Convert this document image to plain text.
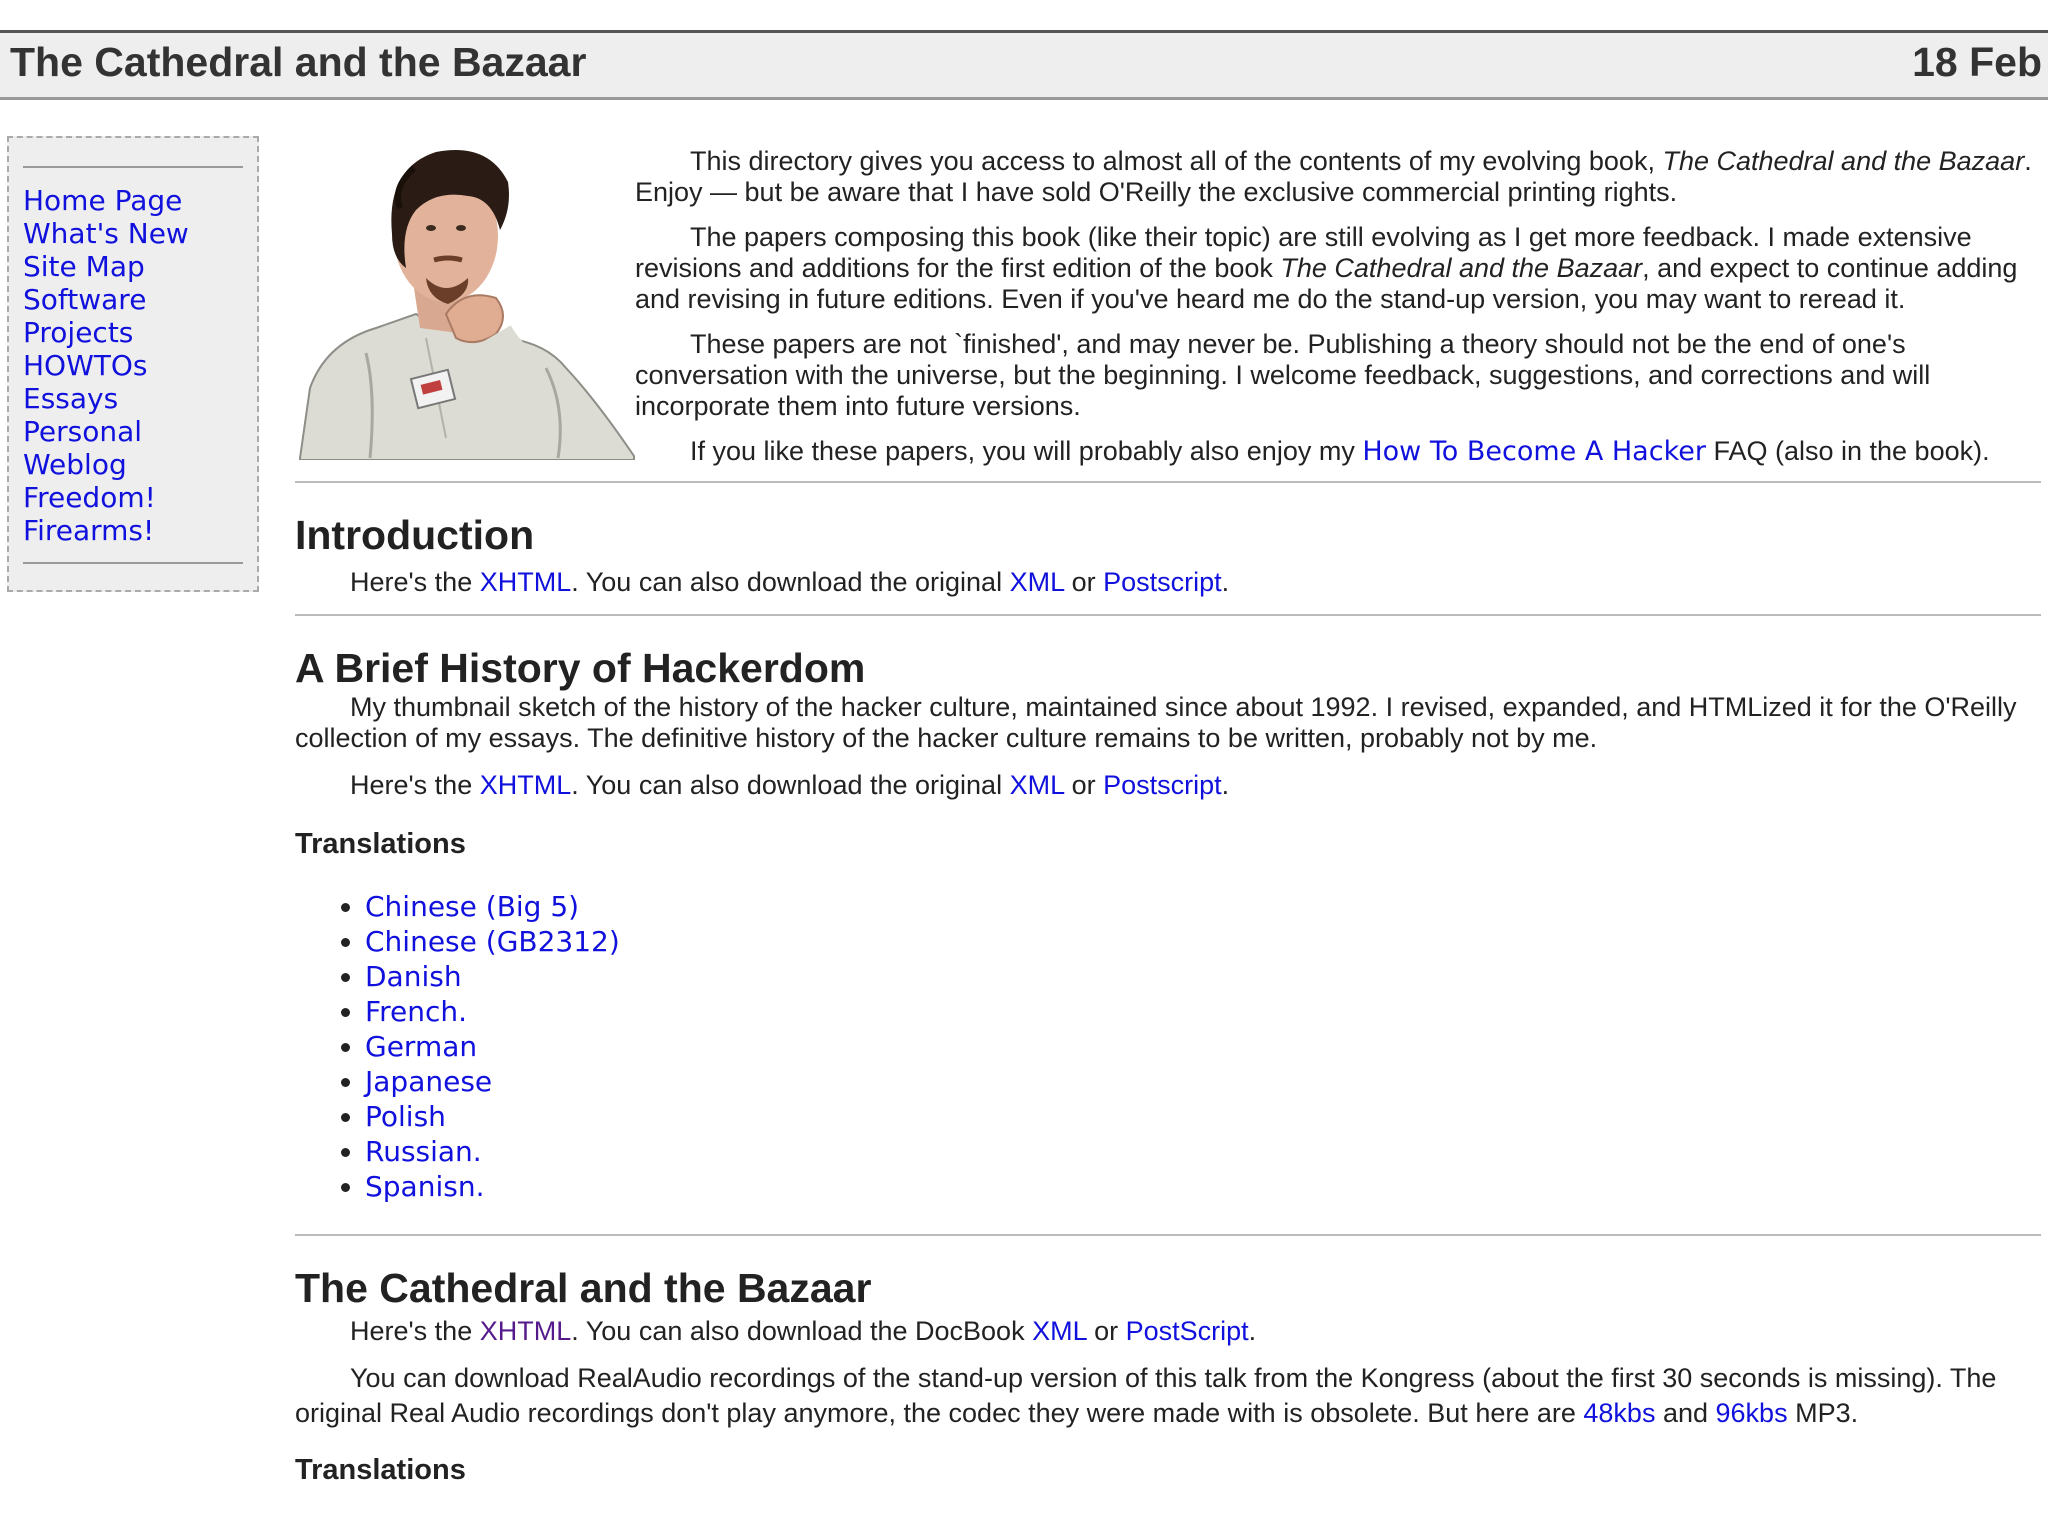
The Cathedral and the Bazaar	18 Feb
Home Page
What's New
Site Map
Software
Projects
HOWTOs
Essays
Personal
Weblog
Freedom!
Firearms!

This directory gives you access to almost all of the contents of my evolving book, The Cathedral and the Bazaar. Enjoy — but be aware that I have sold O'Reilly the exclusive commercial printing rights.

The papers composing this book (like their topic) are still evolving as I get more feedback. I made extensive revisions and additions for the first edition of the book The Cathedral and the Bazaar, and expect to continue adding and revising in future editions. Even if you've heard me do the stand-up version, you may want to reread it.

These papers are not `finished', and may never be. Publishing a theory should not be the end of one's conversation with the universe, but the beginning. I welcome feedback, suggestions, and corrections and will incorporate them into future versions.

If you like these papers, you will probably also enjoy my How To Become A Hacker FAQ (also in the book).

Introduction

Here's the XHTML. You can also download the original XML or Postscript.

A Brief History of Hackerdom

My thumbnail sketch of the history of the hacker culture, maintained since about 1992. I revised, expanded, and HTMLized it for the O'Reilly collection of my essays. The definitive history of the hacker culture remains to be written, probably not by me.

Here's the XHTML. You can also download the original XML or Postscript.

Translations
• Chinese (Big 5)
• Chinese (GB2312)
• Danish
• French.
• German
• Japanese
• Polish
• Russian.
• Spanisn.
The Cathedral and the Bazaar

Here's the XHTML. You can also download the DocBook XML or PostScript.

You can download RealAudio recordings of the stand-up version of this talk from the Kongress (about the first 30 seconds is missing). The original Real Audio recordings don't play anymore, the codec they were made with is obsolete. But here are 48kbs and 96kbs MP3.

Translations
